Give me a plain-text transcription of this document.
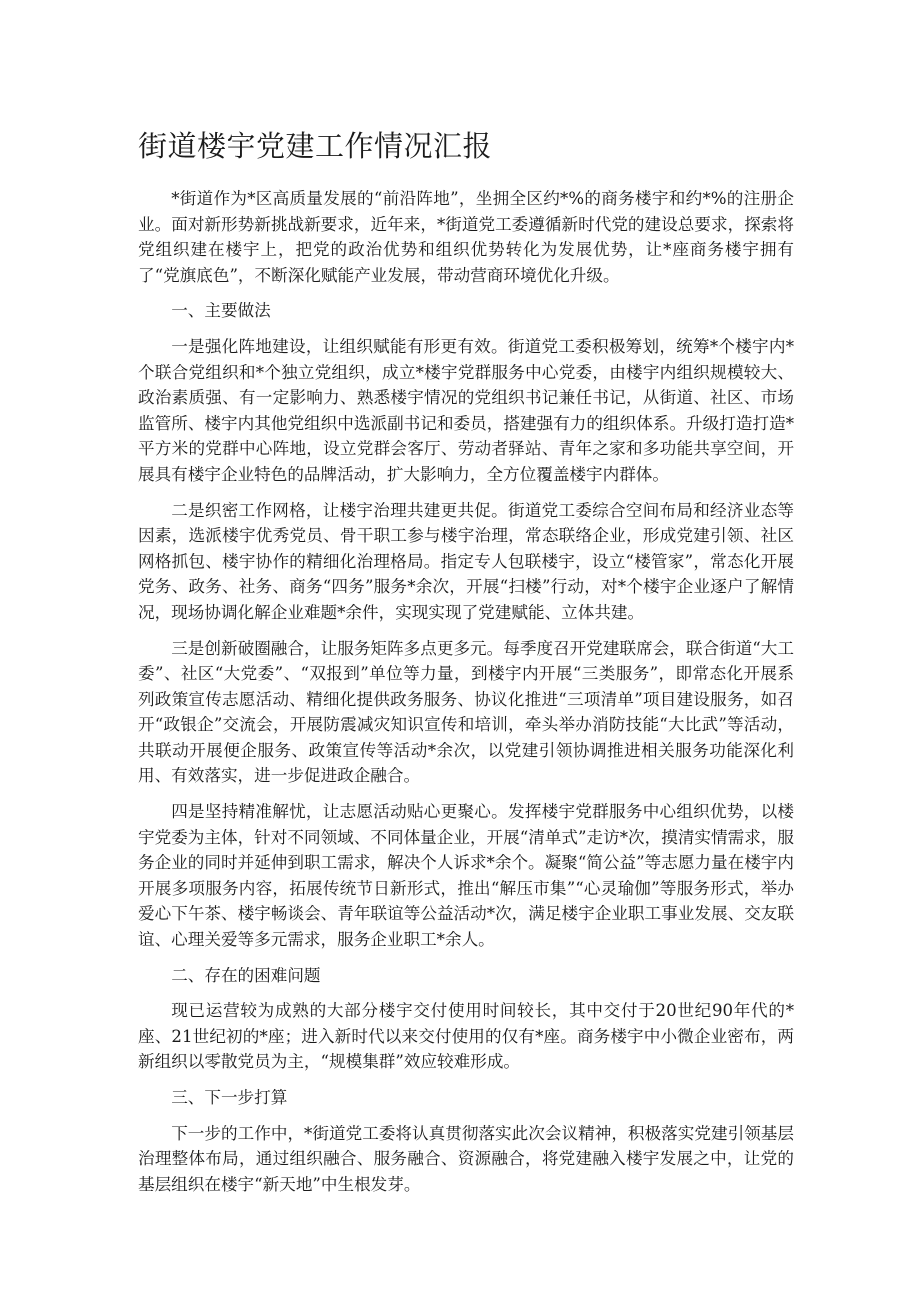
街道楼宇党建工作情况汇报

*街道作为*区高质量发展的“前沿阵地”，坐拥全区约*%的商务楼宇和约*%的注册企业。面对新形势新挑战新要求，近年来，*街道党工委遵循新时代党的建设总要求，探索将党组织建在楼宇上，把党的政治优势和组织优势转化为发展优势，让*座商务楼宇拥有了“党旗底色”，不断深化赋能产业发展，带动营商环境优化升级。

一、主要做法

一是强化阵地建设，让组织赋能有形更有效。街道党工委积极筹划，统筹*个楼宇内*个联合党组织和*个独立党组织，成立*楼宇党群服务中心党委，由楼宇内组织规模较大、政治素质强、有一定影响力、熟悉楼宇情况的党组织书记兼任书记，从街道、社区、市场监管所、楼宇内其他党组织中选派副书记和委员，搭建强有力的组织体系。升级打造打造*平方米的党群中心阵地，设立党群会客厅、劳动者驿站、青年之家和多功能共享空间，开展具有楼宇企业特色的品牌活动，扩大影响力，全方位覆盖楼宇内群体。

二是织密工作网格，让楼宇治理共建更共促。街道党工委综合空间布局和经济业态等因素，选派楼宇优秀党员、骨干职工参与楼宇治理，常态联络企业，形成党建引领、社区网格抓包、楼宇协作的精细化治理格局。指定专人包联楼宇，设立“楼管家”，常态化开展党务、政务、社务、商务“四务”服务*余次，开展“扫楼”行动，对*个楼宇企业逐户了解情况，现场协调化解企业难题*余件，实现实现了党建赋能、立体共建。

三是创新破圈融合，让服务矩阵多点更多元。每季度召开党建联席会，联合街道“大工委”、社区“大党委”、“双报到”单位等力量，到楼宇内开展“三类服务”，即常态化开展系列政策宣传志愿活动、精细化提供政务服务、协议化推进“三项清单”项目建设服务，如召开“政银企”交流会，开展防震减灾知识宣传和培训，牵头举办消防技能“大比武”等活动，共联动开展便企服务、政策宣传等活动*余次，以党建引领协调推进相关服务功能深化利用、有效落实，进一步促进政企融合。

四是坚持精准解忧，让志愿活动贴心更聚心。发挥楼宇党群服务中心组织优势，以楼宇党委为主体，针对不同领域、不同体量企业，开展“清单式”走访*次，摸清实情需求，服务企业的同时并延伸到职工需求，解决个人诉求*余个。凝聚“简公益”等志愿力量在楼宇内开展多项服务内容，拓展传统节日新形式，推出“解压市集”“心灵瑜伽”等服务形式，举办爱心下午茶、楼宇畅谈会、青年联谊等公益活动*次，满足楼宇企业职工事业发展、交友联谊、心理关爱等多元需求，服务企业职工*余人。

二、存在的困难问题

现已运营较为成熟的大部分楼宇交付使用时间较长，其中交付于20世纪90年代的*座、21世纪初的*座；进入新时代以来交付使用的仅有*座。商务楼宇中小微企业密布，两新组织以零散党员为主，“规模集群”效应较难形成。

三、下一步打算

下一步的工作中，*街道党工委将认真贯彻落实此次会议精神，积极落实党建引领基层治理整体布局，通过组织融合、服务融合、资源融合，将党建融入楼宇发展之中，让党的基层组织在楼宇“新天地”中生根发芽。
